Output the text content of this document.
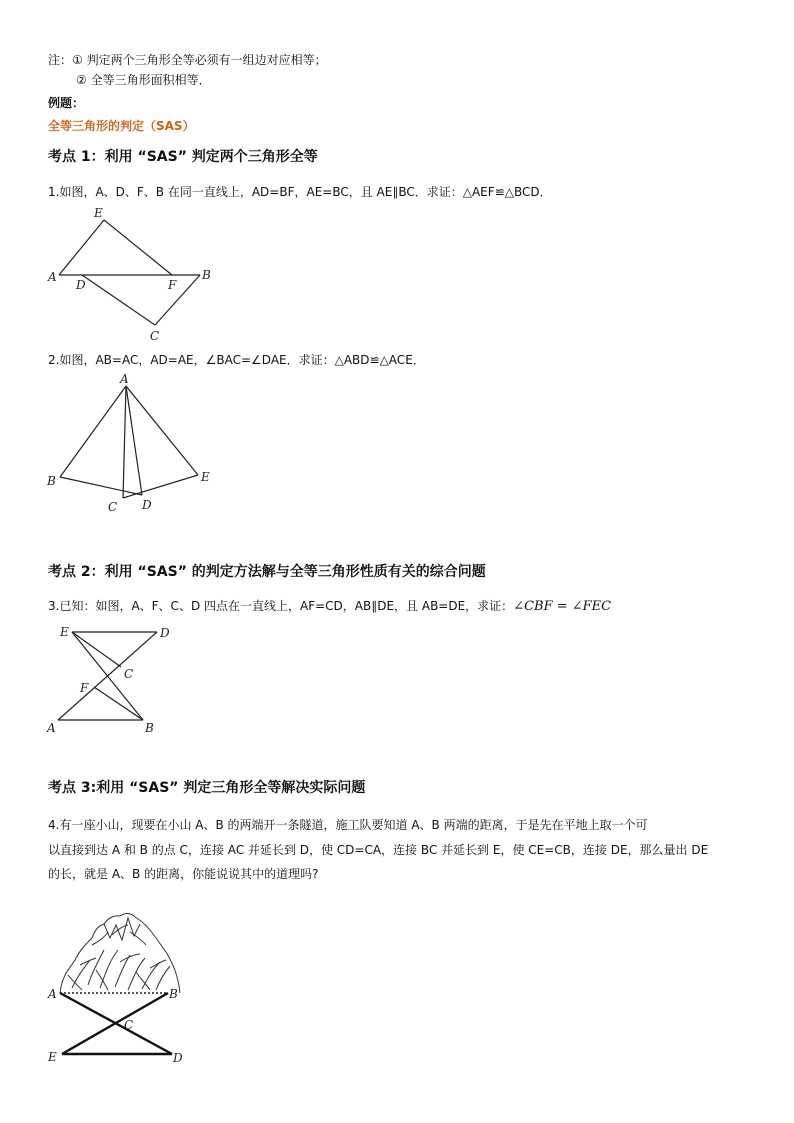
注：① 判定两个三角形全等必须有一组边对应相等；
② 全等三角形面积相等．
例题：
全等三角形的判定（SAS）
考点 1：利用 “SAS” 判定两个三角形全等
1.如图，A、D、F、B 在同一直线上，AD=BF，AE=BC，且 AE∥BC．求证：△AEF≌△BCD．
E
A
D	F
B
C
2.如图，AB=AC，AD=AE，∠BAC=∠DAE．求证：△ABD≌△ACE．
A
B
C D
E
考点 2：利用 “SAS” 的判定方法解与全等三角形性质有关的综合问题
3.已知：如图，A、F、C、D 四点在一直线上，AF=CD，AB∥DE，且 AB=DE，求证：∠CBF = ∠FEC
E	D
C
F
A	B
考点 3:利用 “SAS” 判定三角形全等解决实际问题
4.有一座小山，现要在小山 A、B 的两端开一条隧道，施工队要知道 A、B 两端的距离，于是先在平地上取一个可
以直接到达 A 和 B 的点 C，连接 AC 并延长到 D，使 CD=CA，连接 BC 并延长到 E，使 CE=CB，连接 DE，那么量出 DE
的长，就是 A、B 的距离，你能说说其中的道理吗?
A	B
C
E	D
